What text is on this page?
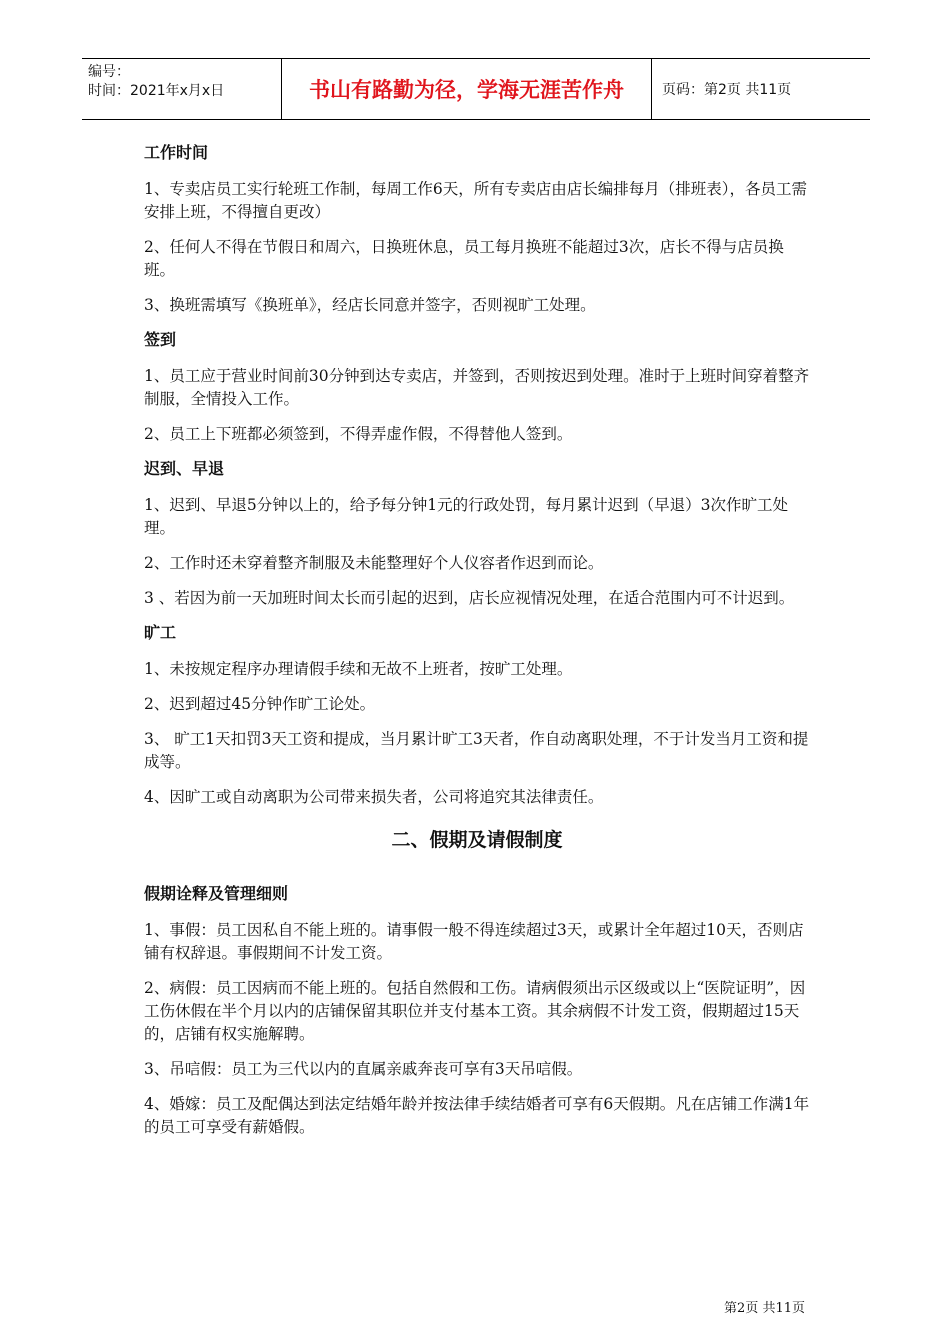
编号：
时间：2021年x月x日	书山有路勤为径，学海无涯苦作舟	页码：第2页 共11页
工作时间

1、专卖店员工实行轮班工作制，每周工作6天，所有专卖店由店长编排每月（排班表），各员工需安排上班，不得擅自更改）

2、任何人不得在节假日和周六，日换班休息，员工每月换班不能超过3次，店长不得与店员换班。

3、换班需填写《换班单》，经店长同意并签字，否则视旷工处理。

签到

1、员工应于营业时间前30分钟到达专卖店，并签到，否则按迟到处理。准时于上班时间穿着整齐制服，全情投入工作。

2、员工上下班都必须签到，不得弄虚作假，不得替他人签到。

迟到、早退

1、迟到、早退5分钟以上的，给予每分钟1元的行政处罚，每月累计迟到（早退）3次作旷工处理。

2、工作时还未穿着整齐制服及未能整理好个人仪容者作迟到而论。

3 、若因为前一天加班时间太长而引起的迟到，店长应视情况处理，在适合范围内可不计迟到。

旷工

1、未按规定程序办理请假手续和无故不上班者，按旷工处理。

2、迟到超过45分钟作旷工论处。

3、 旷工1天扣罚3天工资和提成，当月累计旷工3天者，作自动离职处理，不于计发当月工资和提成等。

4、因旷工或自动离职为公司带来损失者，公司将追究其法律责任。

二、假期及请假制度
假期诠释及管理细则

1、事假：员工因私自不能上班的。请事假一般不得连续超过3天，或累计全年超过10天，否则店铺有权辞退。事假期间不计发工资。

2、病假：员工因病而不能上班的。包括自然假和工伤。请病假须出示区级或以上“医院证明”，因工伤休假在半个月以内的店铺保留其职位并支付基本工资。其余病假不计发工资，假期超过15天的，店铺有权实施解聘。

3、吊唁假：员工为三代以内的直属亲戚奔丧可享有3天吊唁假。

4、婚嫁：员工及配偶达到法定结婚年龄并按法律手续结婚者可享有6天假期。凡在店铺工作满1年的员工可享受有薪婚假。

第2页 共11页
